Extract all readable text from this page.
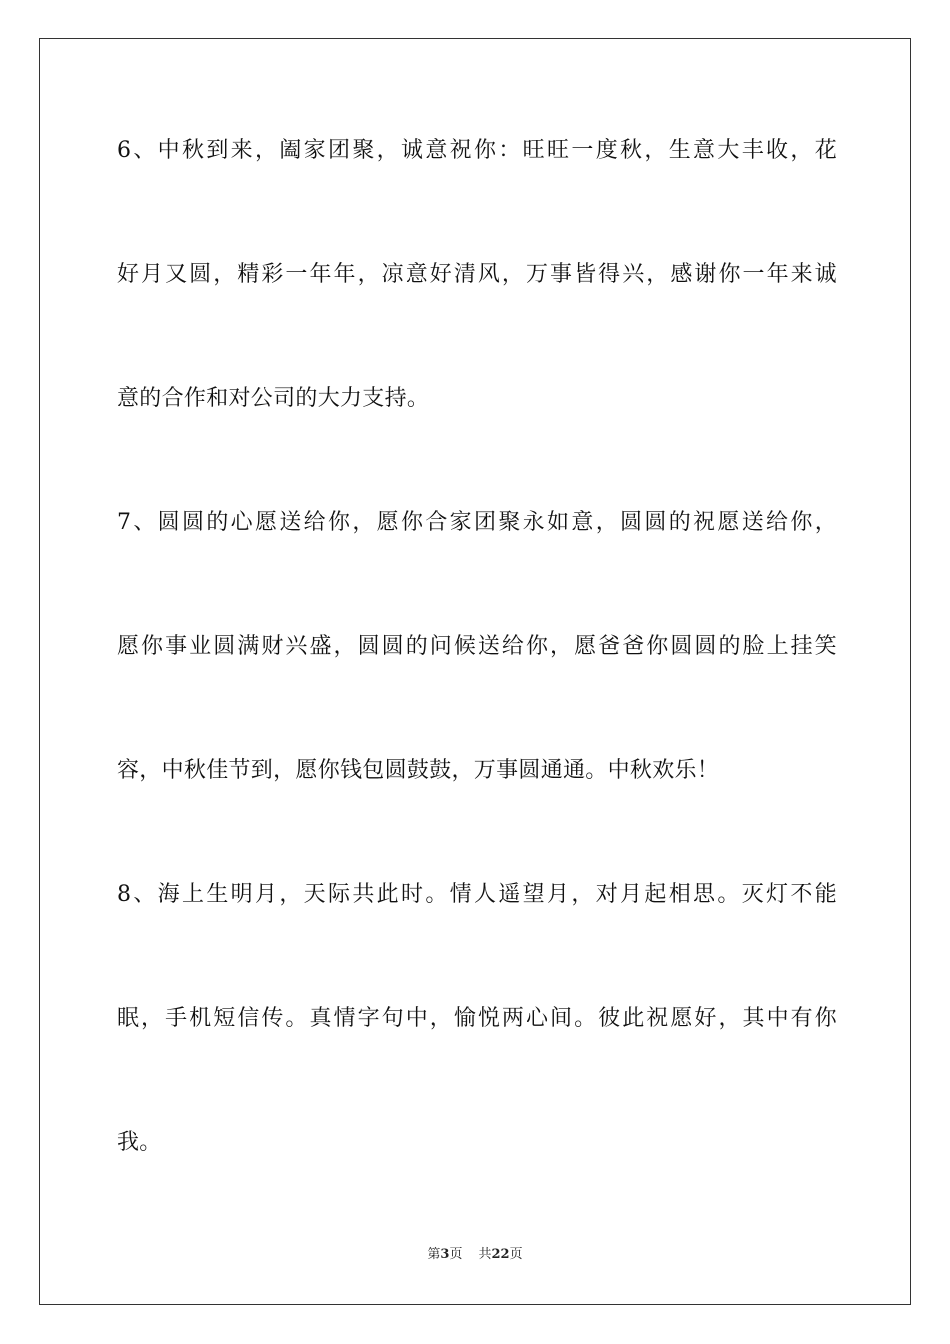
6、中秋到来，阖家团聚，诚意祝你：旺旺一度秋，生意大丰收，花
好月又圆，精彩一年年，凉意好清风，万事皆得兴，感谢你一年来诚
意的合作和对公司的大力支持。
7、圆圆的心愿送给你，愿你合家团聚永如意，圆圆的祝愿送给你，
愿你事业圆满财兴盛，圆圆的问候送给你，愿爸爸你圆圆的脸上挂笑
容，中秋佳节到，愿你钱包圆鼓鼓，万事圆通通。中秋欢乐！
8、海上生明月，天际共此时。情人遥望月，对月起相思。灭灯不能
眠，手机短信传。真情字句中，愉悦两心间。彼此祝愿好，其中有你
我。
第3页 共22页
